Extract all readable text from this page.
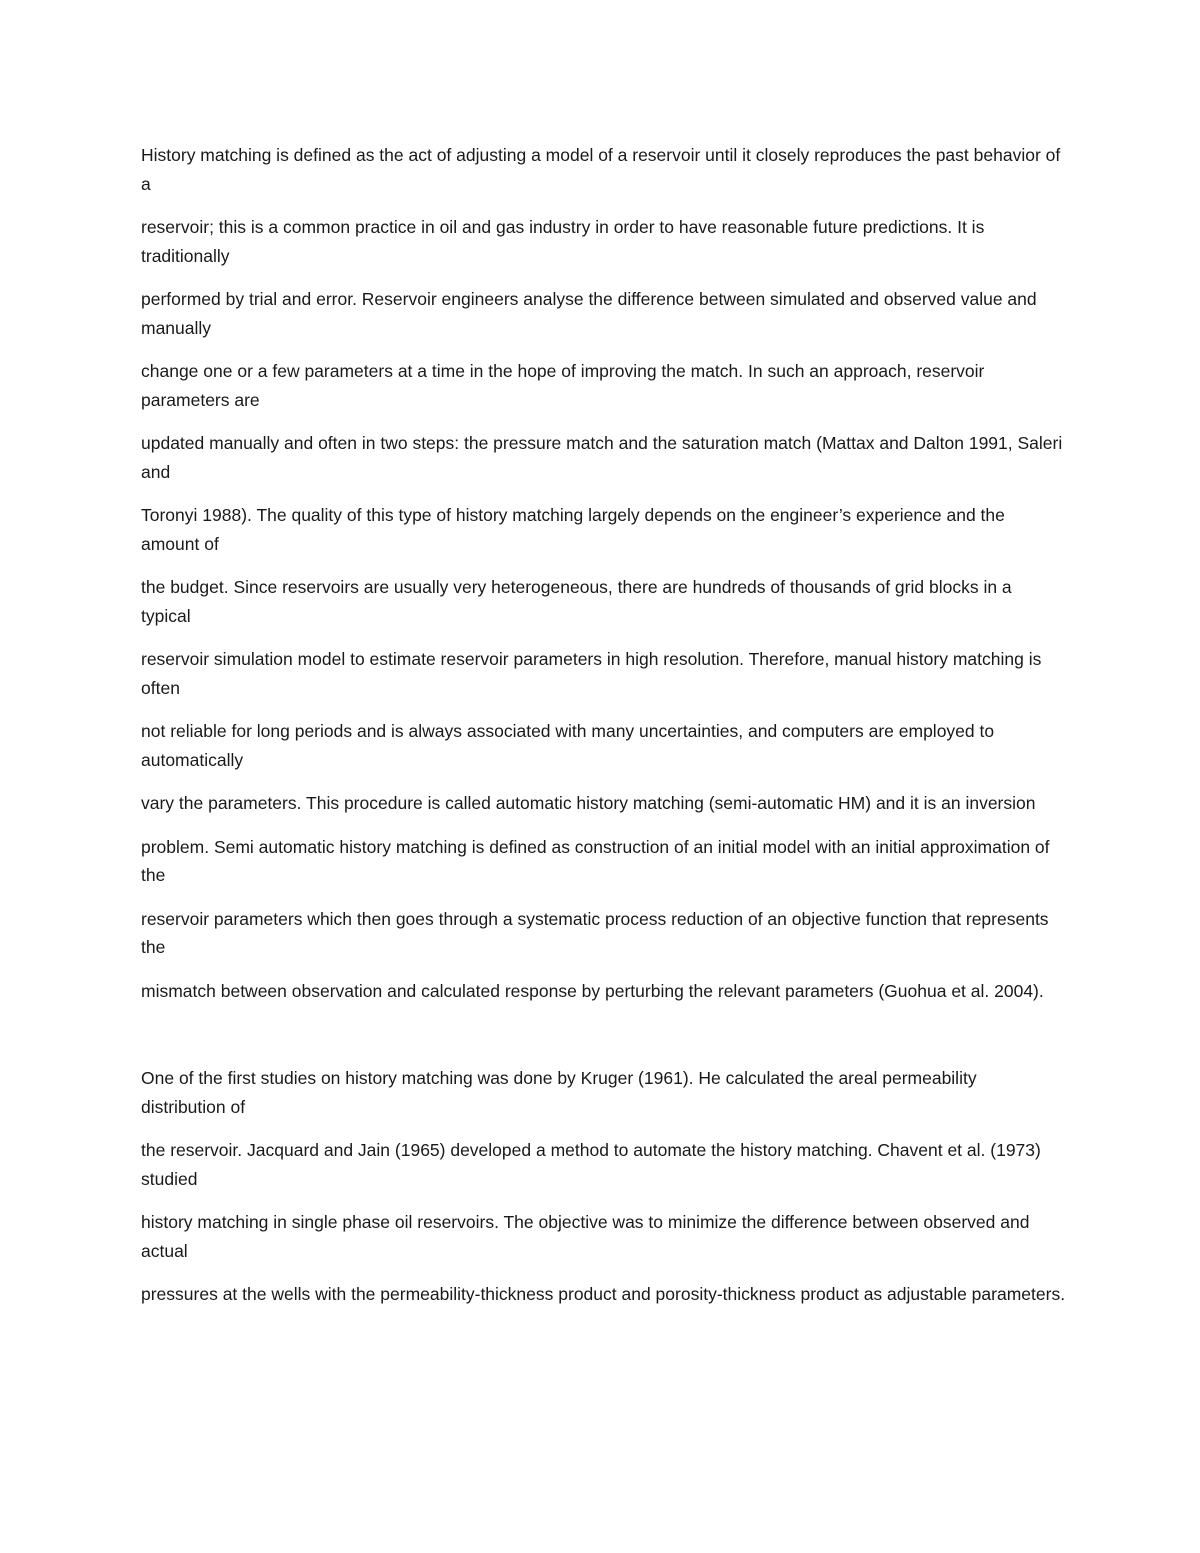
History matching is defined as the act of adjusting a model of a reservoir until it closely reproduces the past behavior of a

reservoir; this is a common practice in oil and gas industry in order to have reasonable future predictions. It is traditionally

performed by trial and error. Reservoir engineers analyse the difference between simulated and observed value and manually

change one or a few parameters at a time in the hope of improving the match. In such an approach, reservoir parameters are

updated manually and often in two steps: the pressure match and the saturation match (Mattax and Dalton 1991, Saleri and

Toronyi 1988). The quality of this type of history matching largely depends on the engineer’s experience and the amount of

the budget. Since reservoirs are usually very heterogeneous, there are hundreds of thousands of grid blocks in a typical

reservoir simulation model to estimate reservoir parameters in high resolution. Therefore, manual history matching is often

not reliable for long periods and is always associated with many uncertainties, and computers are employed to automatically

vary the parameters. This procedure is called automatic history matching (semi-automatic HM) and it is an inversion

problem. Semi automatic history matching is defined as construction of an initial model with an initial approximation of the

reservoir parameters which then goes through a systematic process reduction of an objective function that represents the

mismatch between observation and calculated response by perturbing the relevant parameters (Guohua et al. 2004).

One of the first studies on history matching was done by Kruger (1961). He calculated the areal permeability distribution of

the reservoir. Jacquard and Jain (1965) developed a method to automate the history matching. Chavent et al. (1973) studied

history matching in single phase oil reservoirs. The objective was to minimize the difference between observed and actual

pressures at the wells with the permeability-thickness product and porosity-thickness product as adjustable parameters.
